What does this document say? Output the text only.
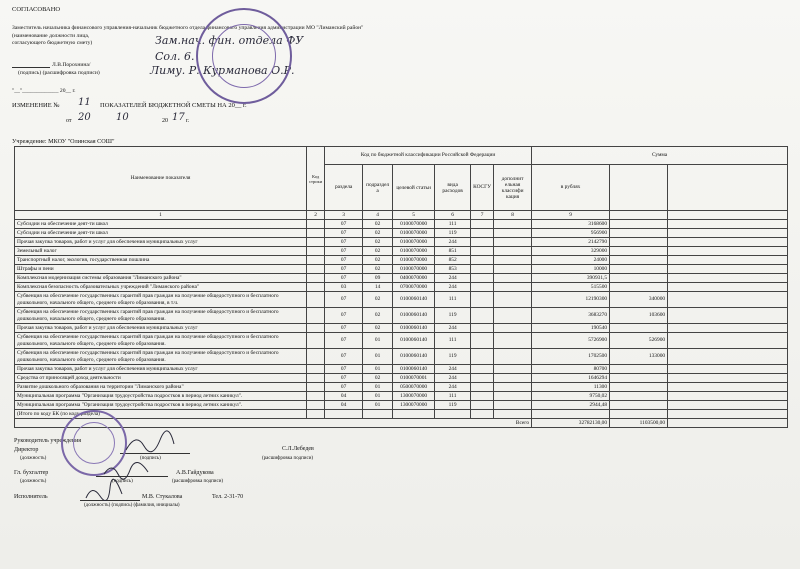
СОГЛАСОВАНО
Заместитель начальника финансового управления-начальник бюджетного отдела финансового управления администрации МО "Лиманский район"
(наименование должности лица,
согласующего бюджетную смету)
Л.В.Порохнина/
(подпись) (расшифровка подписи)
"__"_____________ 20__ г.
ИЗМЕНЕНИЕ № 11 ПОКАЗАТЕЛЕЙ БЮДЖЕТНОЙ СМЕТЫ НА 20__ г.
от 20	10	20 17 г.
Учреждение: МКОУ "Олинская СОШ"
Зам.нач. фин. отдела ФУ
Сол. 6.
Лиму. Р. Курманова О.Р.
Наименование показателя	Код строки	Код по бюджетной классификации Российской Федерации						Сумма		
		раздела	подраздел а	целевой статьи	вида расходов	КОСГУ	дополнит ельная классифи кация	в рублях		
1	2	3	4	5	6	7	8	9		
Субсидии на обеспечение деят-ти школ		07	02	0100070000	111			3168600		
Субсидии на обеспечение деят-ти школ		07	02	0100070000	119			956900		
Прочая закупка товаров, работ и услуг для обеспечения муниципальных услуг		07	02	0100070000	244			2142790		
Земельный налог		07	02	0100070000	851			329000		
Транспортный налог, экология, государственная пошлина		07	02	0100070000	852			24000		
Штрафы и пени		07	02	0100070000	853			10000		
Комплексная модернизация системы образования "Лиманского района"		07	09	0400070000	244			390931,5		
Комплексная безопасность образовательных учреждений "Лиманского района"		03	14	0700070000	244			515500		
Субвенция на обеспечение государственных гарантий прав граждан на получение общедоступного и бесплатного дошкольного, начального общего, среднего общего образования, в т.ч.		07	02	0100060140	111			12190300	340000	
Субвенция на обеспечение государственных гарантий прав граждан на получение общедоступного и бесплатного дошкольного, начального общего, среднего общего образования.		07	02	0100060140	119			3683270	103600	
Прочая закупка товаров, работ и услуг для обеспечения муниципальных услуг		07	02	0100060140	244			190540		
Субвенция на обеспечение государственных гарантий прав граждан на получение общедоступного и бесплатного дошкольного, начального общего, среднего общего образования.		07	01	0100060140	111			5726900	526900	
Субвенция на обеспечение государственных гарантий прав граждан на получение общедоступного и бесплатного дошкольного, начального общего, среднего общего образования.		07	01	0100060140	119			1702500	133000	
Прочая закупка товаров, работ и услуг для обеспечения муниципальных услуг		07	01	0100060140	244			80700		
Средства от приносящей доход деятельности		07	02	0100070001	244			1646294		
Развитие дошкольного образования на территории "Лиманского района"		07	01	0500070000	244			11300		
Муниципальная программа "Организация трудоустройства подростков в период летних каникул".		04	01	1300070000	111			9750,02		
Муниципальная программа "Организация трудоустройства подростков в период летних каникул".		04	01	1300070000	119			2944,48		
(Итого по коду БК (по коду раздела)										
Всего								32782130,00	1103500,00	
Руководитель учреждения
Директор	С.Л.Лебедев
(должность)	(подпись)	(расшифровка подписи)
Гл. бухгалтер	А.В.Гайдукова
(должность)	(подпись)	(расшифровка подписи)
Исполнитель	М.В. Стукалова	Тел. 2-31-70
(должность) (подпись) (фамилия, инициалы)
